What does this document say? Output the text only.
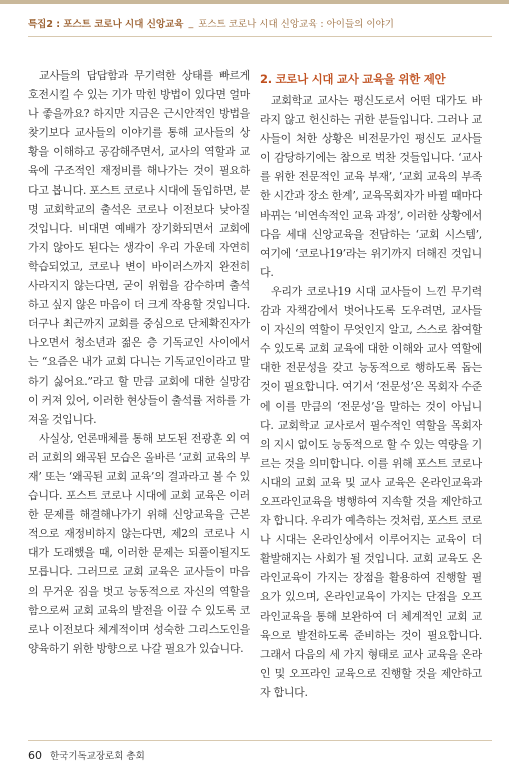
특집2 : 포스트 코로나 시대 신앙교육 _ 포스트 코로나 시대 신앙교육 : 아이들의 이야기

교사들의 답답함과 무기력한 상태를 빠르게 호전시킬 수 있는 기가 막힌 방법이 있다면 얼마나 좋을까요? 하지만 지금은 근시안적인 방법을 찾기보다 교사들의 이야기를 통해 교사들의 상황을 이해하고 공감해주면서, 교사의 역할과 교육에 구조적인 재정비를 해나가는 것이 필요하다고 봅니다. 포스트 코로나 시대에 돌입하면, 분명 교회학교의 출석은 코로나 이전보다 낮아질 것입니다. 비대면 예배가 장기화되면서 교회에 가지 않아도 된다는 생각이 우리 가운데 자연히 학습되었고, 코로나 변이 바이러스까지 완전히 사라지지 않는다면, 굳이 위험을 감수하며 출석하고 싶지 않은 마음이 더 크게 작용할 것입니다. 더구나 최근까지 교회를 중심으로 단체확진자가 나오면서 청소년과 젊은 층 기독교인 사이에서는 “요즘은 내가 교회 다니는 기독교인이라고 말하기 싫어요.”라고 할 만큼 교회에 대한 실망감이 커져 있어, 이러한 현상들이 출석률 저하를 가져올 것입니다.

사실상, 언론매체를 통해 보도된 전광훈 외 여러 교회의 왜곡된 모습은 올바른 ‘교회 교육의 부재’ 또는 ‘왜곡된 교회 교육’의 결과라고 볼 수 있습니다. 포스트 코로나 시대에 교회 교육은 이러한 문제를 해결해나가기 위해 신앙교육을 근본적으로 재정비하지 않는다면, 제2의 코로나 시대가 도래했을 때, 이러한 문제는 되풀이될지도 모릅니다. 그러므로 교회 교육은 교사들이 마음의 무거운 짐을 벗고 능동적으로 자신의 역할을 함으로써 교회 교육의 발전을 이끌 수 있도록 코로나 이전보다 체계적이며 성숙한 그리스도인을 양육하기 위한 방향으로 나갈 필요가 있습니다.

2. 코로나 시대 교사 교육을 위한 제안

교회학교 교사는 평신도로서 어떤 대가도 바라지 않고 헌신하는 귀한 분들입니다. 그러나 교사들이 처한 상황은 비전문가인 평신도 교사들이 감당하기에는 참으로 벅찬 것들입니다. ‘교사를 위한 전문적인 교육 부재’, ‘교회 교육의 부족한 시간과 장소 한계’, 교육목회자가 바뀔 때마다 바뀌는 ‘비연속적인 교육 과정’, 이러한 상황에서 다음 세대 신앙교육을 전담하는 ‘교회 시스템’, 여기에 ‘코로나19’라는 위기까지 더해진 것입니다.

우리가 코로나19 시대 교사들이 느낀 무기력감과 자책감에서 벗어나도록 도우려면, 교사들이 자신의 역할이 무엇인지 알고, 스스로 참여할 수 있도록 교회 교육에 대한 이해와 교사 역할에 대한 전문성을 갖고 능동적으로 행하도록 돕는 것이 필요합니다. 여기서 ‘전문성’은 목회자 수준에 이를 만큼의 ‘전문성’을 말하는 것이 아닙니다. 교회학교 교사로서 필수적인 역할을 목회자의 지시 없이도 능동적으로 할 수 있는 역량을 기르는 것을 의미합니다. 이를 위해 포스트 코로나 시대의 교회 교육 및 교사 교육은 온라인교육과 오프라인교육을 병행하여 지속할 것을 제안하고자 합니다. 우리가 예측하는 것처럼, 포스트 코로나 시대는 온라인상에서 이루어지는 교육이 더 활발해지는 사회가 될 것입니다. 교회 교육도 온라인교육이 가지는 장점을 활용하여 진행할 필요가 있으며, 온라인교육이 가지는 단점을 오프라인교육을 통해 보완하여 더 체계적인 교회 교육으로 발전하도록 준비하는 것이 필요합니다. 그래서 다음의 세 가지 형태로 교사 교육을 온라인 및 오프라인 교육으로 진행할 것을 제안하고자 합니다.

60 한국기독교장로회 총회
